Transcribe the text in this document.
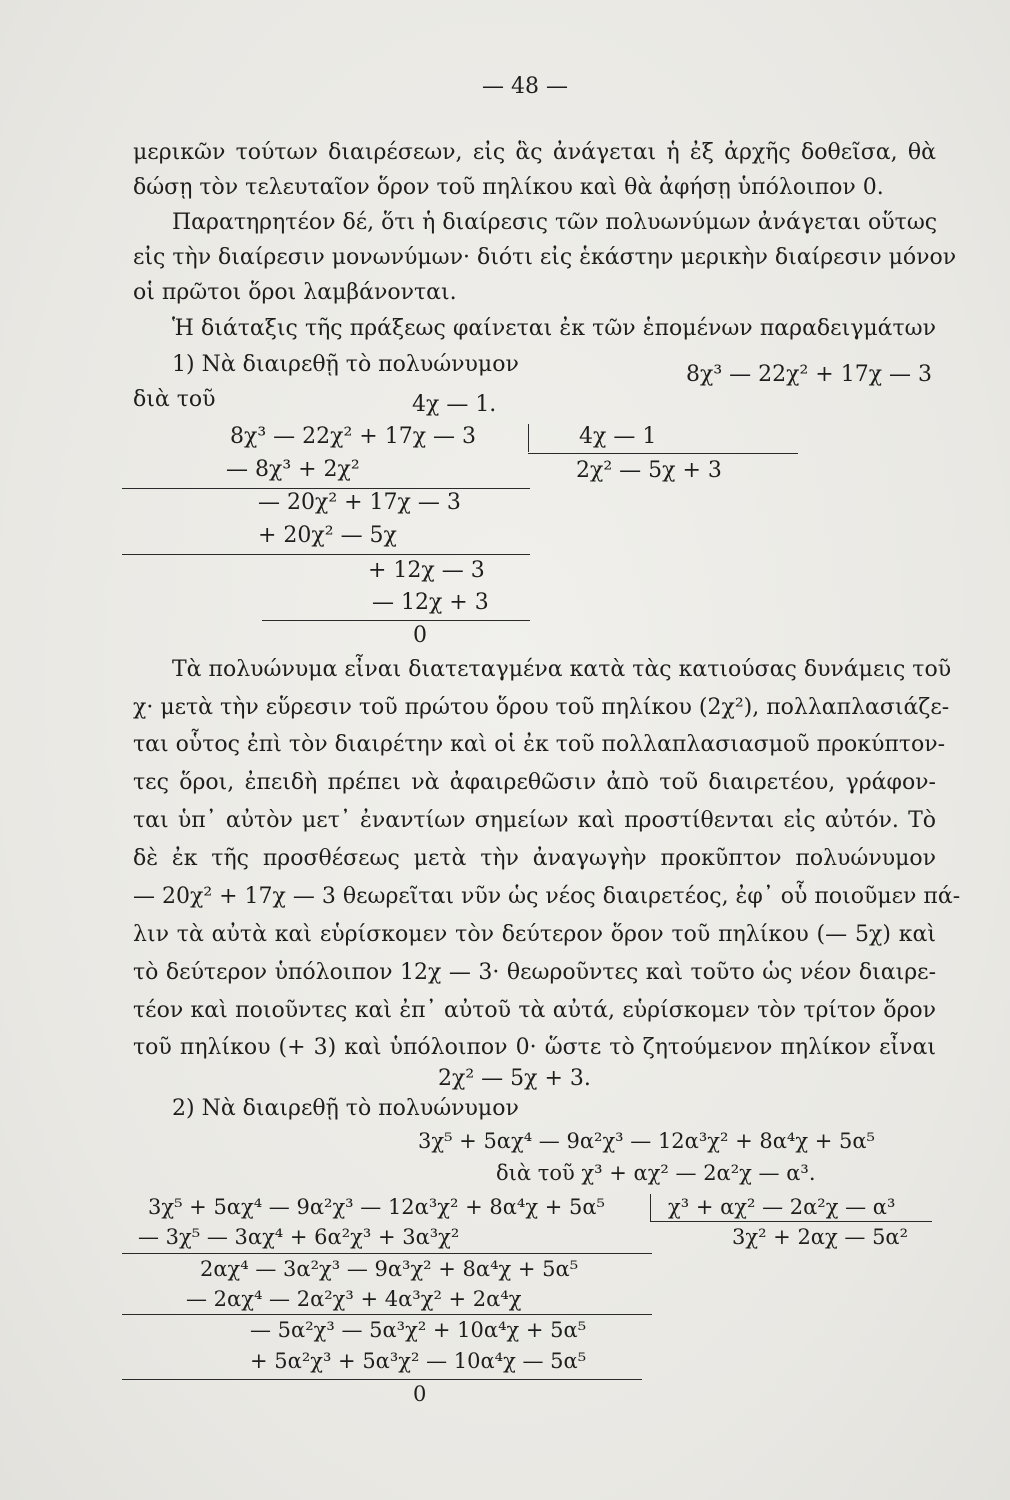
— 48 —
μερικῶν τούτων διαιρέσεων, εἰς ἃς ἀνάγεται ἡ ἐξ ἀρχῆς δοθεῖσα, θὰ
δώσῃ τὸν τελευταῖον ὅρον τοῦ πηλίκου καὶ θὰ ἀφήσῃ ὑπόλοιπον 0.
Παρατηρητέον δέ, ὅτι ἡ διαίρεσις τῶν πολυωνύμων ἀνάγεται οὕτως
εἰς τὴν διαίρεσιν μονωνύμων· διότι εἰς ἑκάστην μερικὴν διαίρεσιν μόνον
οἱ πρῶτοι ὅροι λαμβάνονται.
Ἡ διάταξις τῆς πράξεως φαίνεται ἐκ τῶν ἑπομένων παραδειγμάτων
1) Νὰ διαιρεθῇ τὸ πολυώνυμον	8χ³ — 22χ² + 17χ — 3
διὰ τοῦ	4χ — 1.
8χ³ — 22χ² + 17χ — 3	4χ — 1
2χ² — 5χ + 3
— 8χ³ + 2χ²
— 20χ² + 17χ — 3
+ 20χ² — 5χ
+ 12χ — 3
— 12χ + 3
0
Τὰ πολυώνυμα εἶναι διατεταγμένα κατὰ τὰς κατιούσας δυνάμεις τοῦ
χ· μετὰ τὴν εὕρεσιν τοῦ πρώτου ὅρου τοῦ πηλίκου (2χ²), πολλαπλασιάζε-
ται οὗτος ἐπὶ τὸν διαιρέτην καὶ οἱ ἐκ τοῦ πολλαπλασιασμοῦ προκύπτον-
τες ὅροι, ἐπειδὴ πρέπει νὰ ἀφαιρεθῶσιν ἀπὸ τοῦ διαιρετέου, γράφον-
ται ὑπ᾽ αὐτὸν μετ᾽ ἐναντίων σημείων καὶ προστίθενται εἰς αὐτόν. Τὸ
δὲ ἐκ τῆς προσθέσεως μετὰ τὴν ἀναγωγὴν προκῦπτον πολυώνυμον
— 20χ² + 17χ — 3 θεωρεῖται νῦν ὡς νέος διαιρετέος, ἐφ᾽ οὗ ποιοῦμεν πά-
λιν τὰ αὐτὰ καὶ εὑρίσκομεν τὸν δεύτερον ὅρον τοῦ πηλίκου (— 5χ) καὶ
τὸ δεύτερον ὑπόλοιπον 12χ — 3· θεωροῦντες καὶ τοῦτο ὡς νέον διαιρε-
τέον καὶ ποιοῦντες καὶ ἐπ᾽ αὐτοῦ τὰ αὐτά, εὑρίσκομεν τὸν τρίτον ὅρον
τοῦ πηλίκου (+ 3) καὶ ὑπόλοιπον 0· ὥστε τὸ ζητούμενον πηλίκον εἶναι
2χ² — 5χ + 3.
2) Νὰ διαιρεθῇ τὸ πολυώνυμον
3χ⁵ + 5αχ⁴ — 9α²χ³ — 12α³χ² + 8α⁴χ + 5α⁵
διὰ τοῦ χ³ + αχ² — 2α²χ — α³.
3χ⁵ + 5αχ⁴ — 9α²χ³ — 12α³χ² + 8α⁴χ + 5α⁵	χ³ + αχ² — 2α²χ — α³
3χ² + 2αχ — 5α²
— 3χ⁵ — 3αχ⁴ + 6α²χ³ + 3α³χ²
2αχ⁴ — 3α²χ³ — 9α³χ² + 8α⁴χ + 5α⁵
— 2αχ⁴ — 2α²χ³ + 4α³χ² + 2α⁴χ
— 5α²χ³ — 5α³χ² + 10α⁴χ + 5α⁵
+ 5α²χ³ + 5α³χ² — 10α⁴χ — 5α⁵
0
